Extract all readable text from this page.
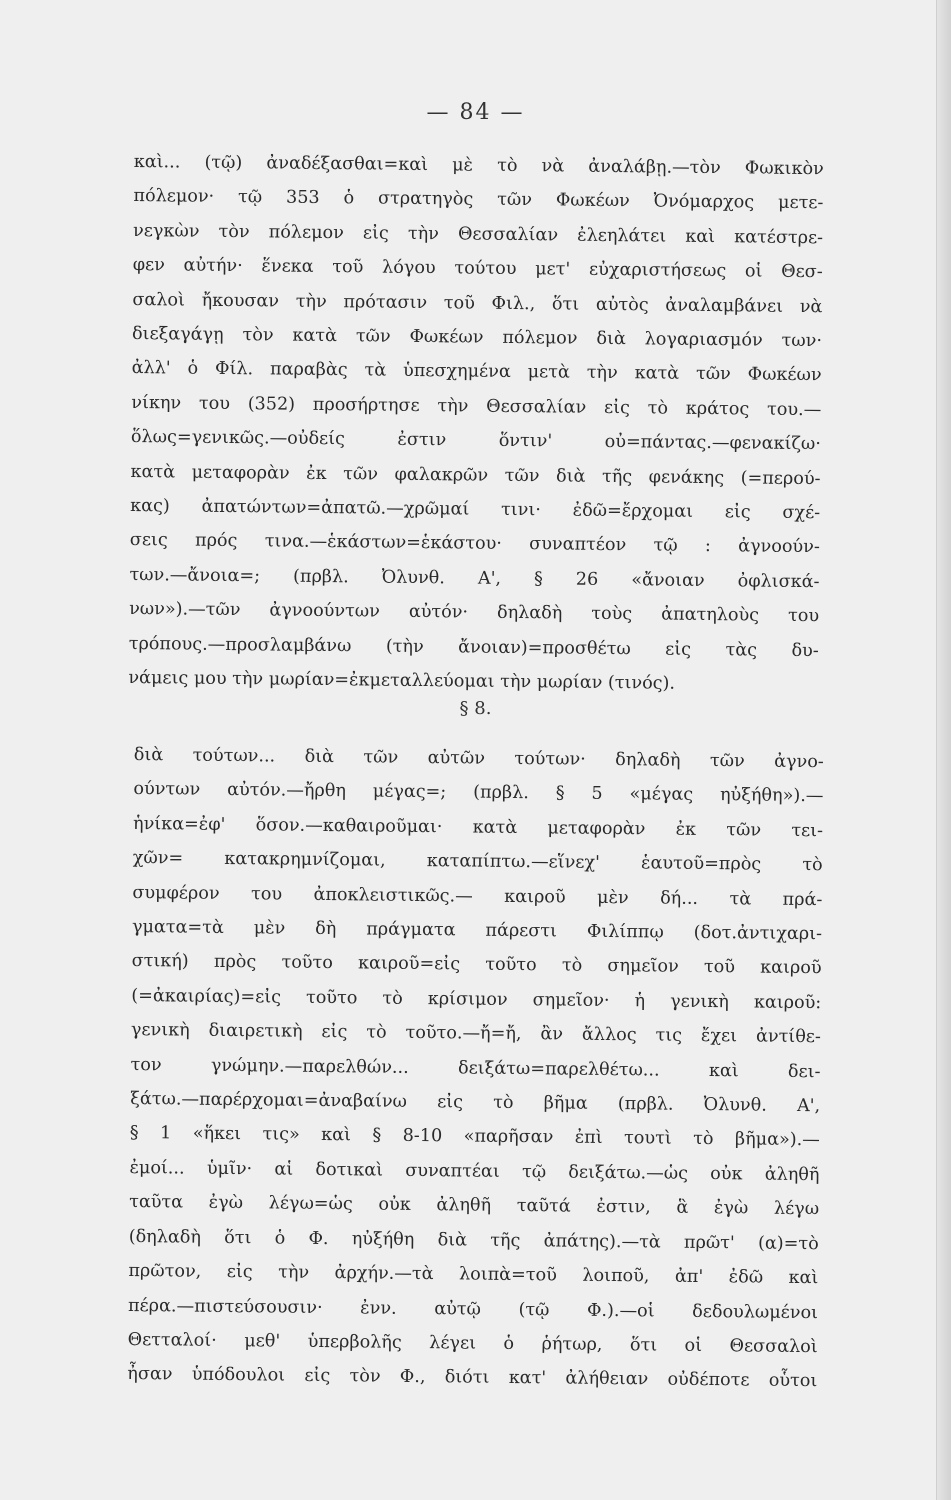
— 84 —
καὶ... (τῷ) ἀναδέξασθαι=καὶ μὲ τὸ νὰ ἀναλάβῃ.—τὸν Φωκικὸν
πόλεμον· τῷ 353 ὁ στρατηγὸς τῶν Φωκέων Ὀνόμαρχος μετε-
νεγκὼν τὸν πόλεμον εἰς τὴν Θεσσαλίαν ἐλεηλάτει καὶ κατέστρε-
φεν αὐτήν· ἕνεκα τοῦ λόγου τούτου μετ' εὐχαριστήσεως οἱ Θεσ-
σαλοὶ ἤκουσαν τὴν πρότασιν τοῦ Φιλ., ὅτι αὐτὸς ἀναλαμβάνει νὰ
διεξαγάγῃ τὸν κατὰ τῶν Φωκέων πόλεμον διὰ λογαριασμόν των·
ἀλλ' ὁ Φίλ. παραβὰς τὰ ὑπεσχημένα μετὰ τὴν κατὰ τῶν Φωκέων
νίκην του (352) προσήρτησε τὴν Θεσσαλίαν εἰς τὸ κράτος του.—
ὅλως=γενικῶς.—οὐδείς ἐστιν ὅντιν' οὐ=πάντας.—φενακίζω·
κατὰ μεταφορὰν ἐκ τῶν φαλακρῶν τῶν διὰ τῆς φενάκης (=περού-
κας) ἀπατώντων=ἀπατῶ.—χρῶμαί τινι· ἐδῶ=ἔρχομαι εἰς σχέ-
σεις πρός τινα.—ἑκάστων=ἑκάστου· συναπτέον τῷ : ἀγνοούν-
των.—ἄνοια=; (πρβλ. Ὀλυνθ. Α', § 26 «ἄνοιαν ὀφλισκά-
νων»).—τῶν ἀγνοούντων αὐτόν· δηλαδὴ τοὺς ἀπατηλοὺς του
τρόπους.—προσλαμβάνω (τὴν ἄνοιαν)=προσθέτω εἰς τὰς δυ-
νάμεις μου τὴν μωρίαν=ἐκμεταλλεύομαι τὴν μωρίαν (τινός).
§ 8.
διὰ τούτων... διὰ τῶν αὐτῶν τούτων· δηλαδὴ τῶν ἀγνο-
ούντων αὐτόν.—ἤρθη μέγας=; (πρβλ. § 5 «μέγας ηὐξήθη»).—
ἡνίκα=ἐφ' ὅσον.—καθαιροῦμαι· κατὰ μεταφορὰν ἐκ τῶν τει-
χῶν= κατακρημνίζομαι, καταπίπτω.—εἵνεχ' ἑαυτοῦ=πρὸς τὸ
συμφέρον του ἀποκλειστικῶς.— καιροῦ μὲν δή... τὰ πρά-
γματα=τὰ μὲν δὴ πράγματα πάρεστι Φιλίππῳ (δοτ.ἀντιχαρι-
στική) πρὸς τοῦτο καιροῦ=εἰς τοῦτο τὸ σημεῖον τοῦ καιροῦ
(=ἀκαιρίας)=εἰς τοῦτο τὸ κρίσιμον σημεῖον· ἡ γενικὴ καιροῦ:
γενικὴ διαιρετικὴ εἰς τὸ τοῦτο.—ἤ=ἤ, ἂν ἄλλος τις ἔχει ἀντίθε-
τον γνώμην.—παρελθών... δειξάτω=παρελθέτω... καὶ δει-
ξάτω.—παρέρχομαι=ἀναβαίνω εἰς τὸ βῆμα (πρβλ. Ὀλυνθ. Α',
§ 1 «ἥκει τις» καὶ § 8-10 «παρῆσαν ἐπὶ τουτὶ τὸ βῆμα»).—
ἐμοί... ὑμῖν· αἱ δοτικαὶ συναπτέαι τῷ δειξάτω.—ὡς οὐκ ἀληθῆ
ταῦτα ἐγὼ λέγω=ὡς οὐκ ἀληθῆ ταῦτά ἐστιν, ἃ ἐγὼ λέγω
(δηλαδὴ ὅτι ὁ Φ. ηὐξήθη διὰ τῆς ἀπάτης).—τὰ πρῶτ' (α)=τὸ
πρῶτον, εἰς τὴν ἀρχήν.—τὰ λοιπὰ=τοῦ λοιποῦ, ἀπ' ἐδῶ καὶ
πέρα.—πιστεύσουσιν· ἐνν. αὐτῷ (τῷ Φ.).—οἱ δεδουλωμένοι
Θετταλοί· μεθ' ὑπερβολῆς λέγει ὁ ῥήτωρ, ὅτι οἱ Θεσσαλοὶ
ἦσαν ὑπόδουλοι εἰς τὸν Φ., διότι κατ' ἀλήθειαν οὐδέποτε οὗτοι
